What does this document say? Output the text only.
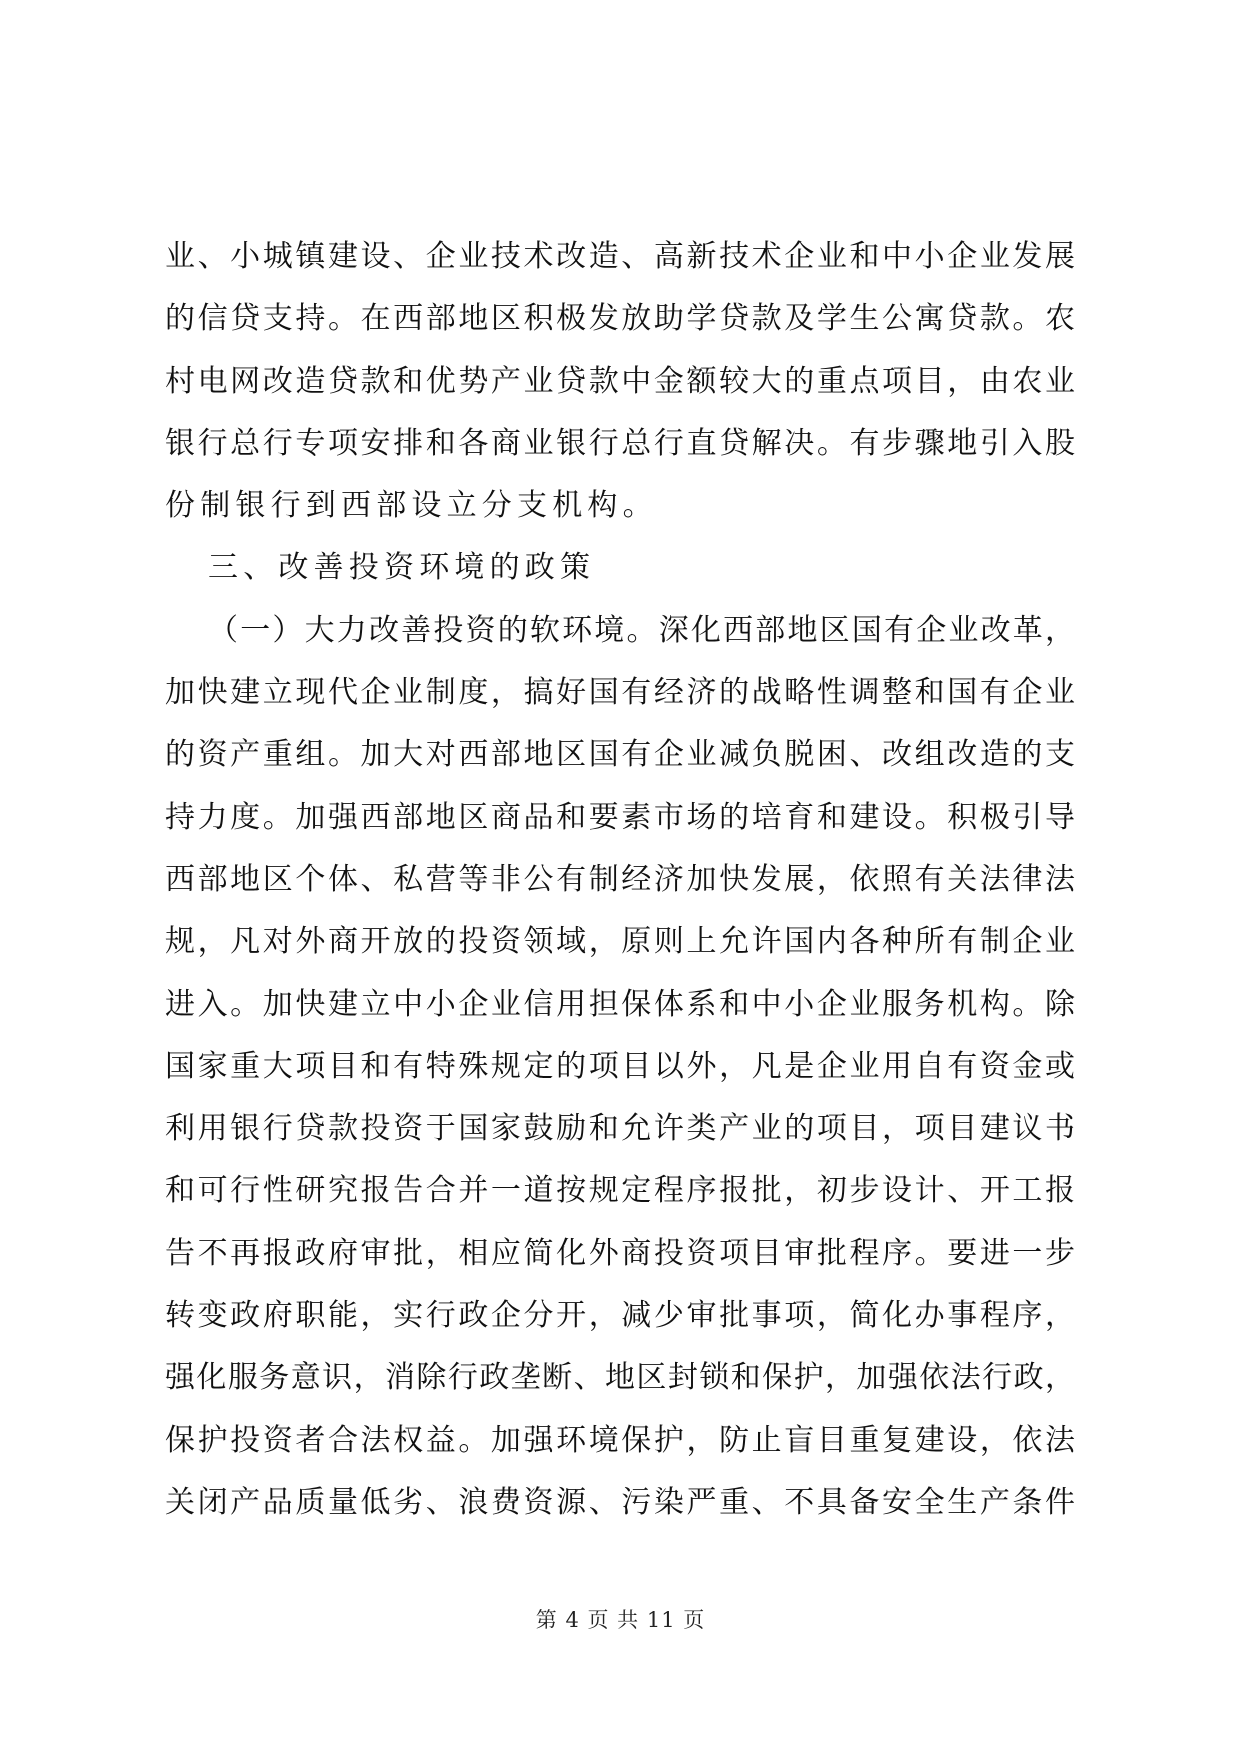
业、小城镇建设、企业技术改造、高新技术企业和中小企业发展
的信贷支持。在西部地区积极发放助学贷款及学生公寓贷款。农
村电网改造贷款和优势产业贷款中金额较大的重点项目，由农业
银行总行专项安排和各商业银行总行直贷解决。有步骤地引入股
份制银行到西部设立分支机构。
三、改善投资环境的政策
（一）大力改善投资的软环境。深化西部地区国有企业改革，
加快建立现代企业制度，搞好国有经济的战略性调整和国有企业
的资产重组。加大对西部地区国有企业减负脱困、改组改造的支
持力度。加强西部地区商品和要素市场的培育和建设。积极引导
西部地区个体、私营等非公有制经济加快发展，依照有关法律法
规，凡对外商开放的投资领域，原则上允许国内各种所有制企业
进入。加快建立中小企业信用担保体系和中小企业服务机构。除
国家重大项目和有特殊规定的项目以外，凡是企业用自有资金或
利用银行贷款投资于国家鼓励和允许类产业的项目，项目建议书
和可行性研究报告合并一道按规定程序报批，初步设计、开工报
告不再报政府审批，相应简化外商投资项目审批程序。要进一步
转变政府职能，实行政企分开，减少审批事项，简化办事程序，
强化服务意识，消除行政垄断、地区封锁和保护，加强依法行政，
保护投资者合法权益。加强环境保护，防止盲目重复建设，依法
关闭产品质量低劣、浪费资源、污染严重、不具备安全生产条件
第 4 页 共 11 页
